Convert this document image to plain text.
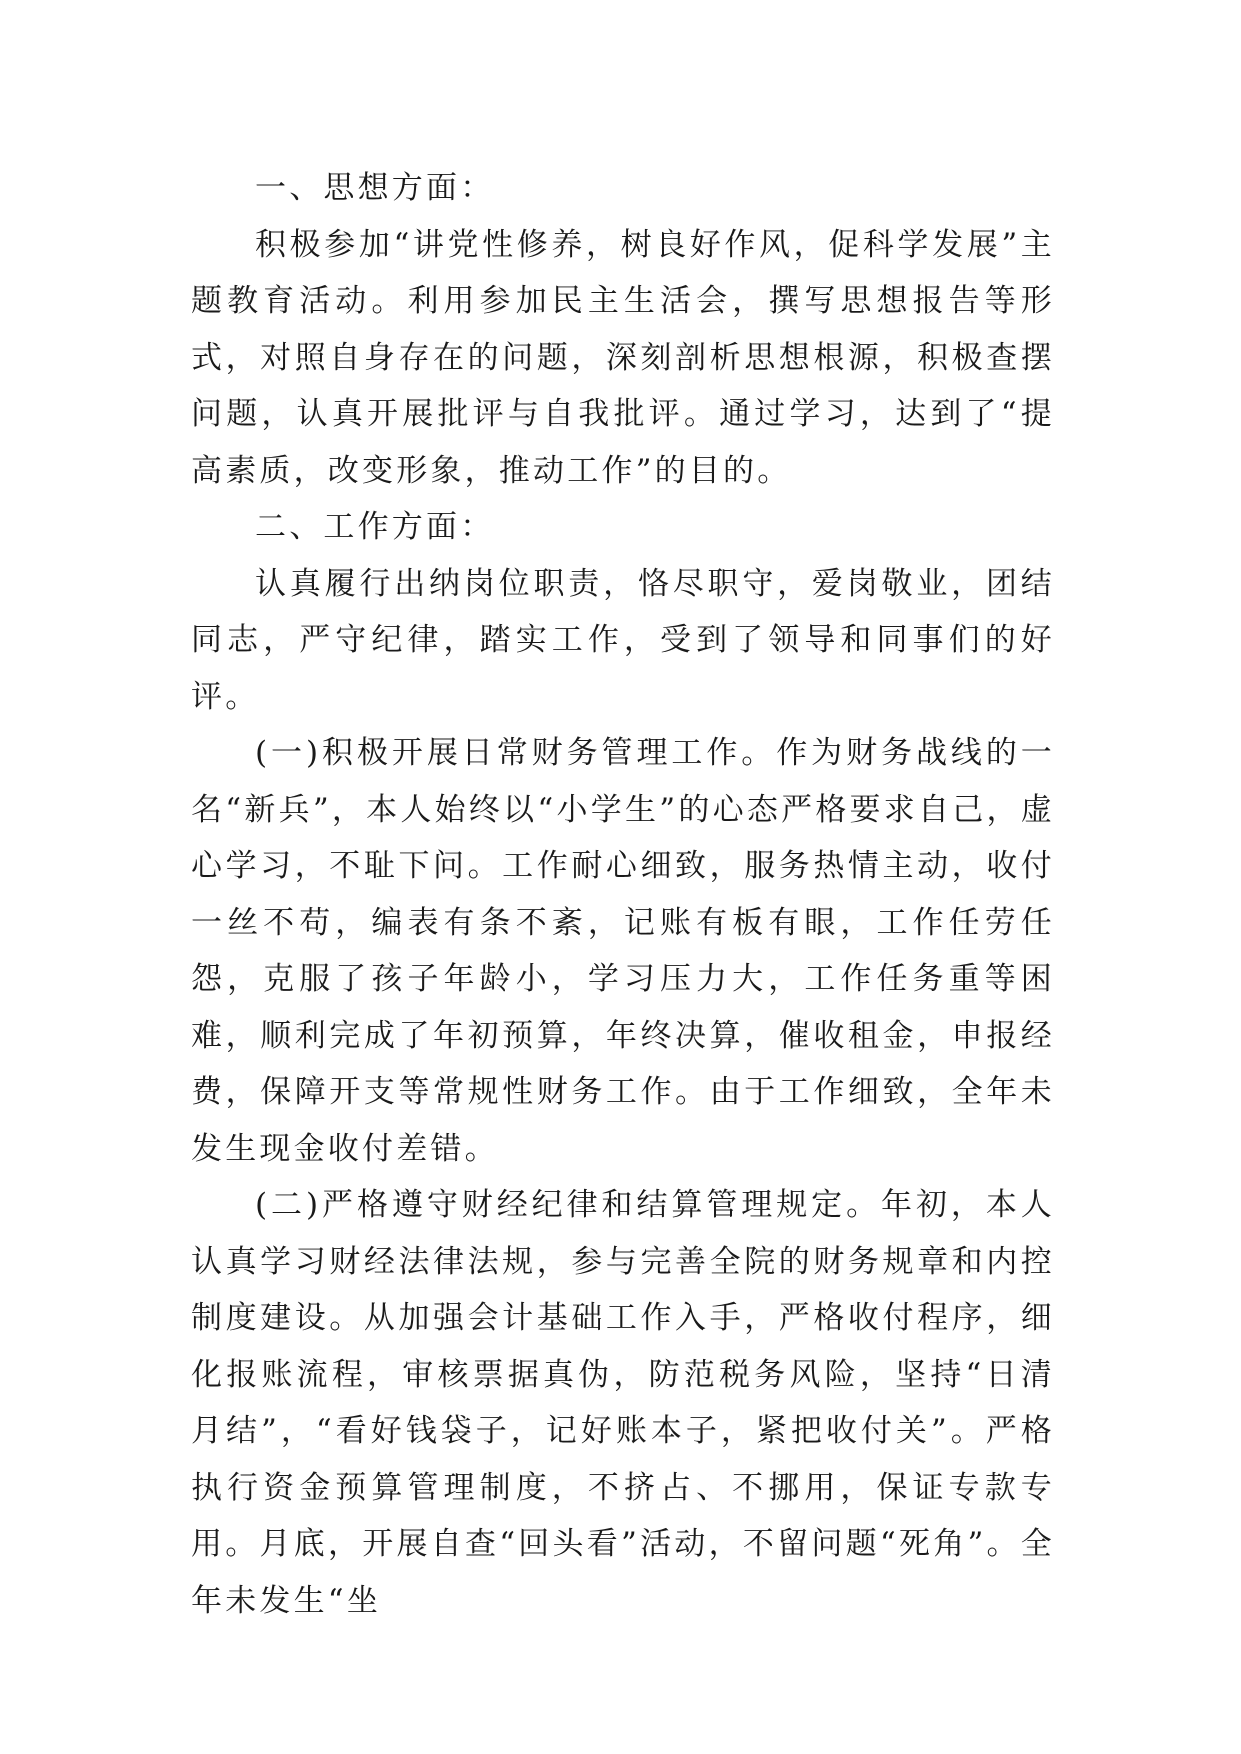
一、思想方面：

积极参加“讲党性修养，树良好作风，促科学发展”主题教育活动。利用参加民主生活会，撰写思想报告等形式，对照自身存在的问题，深刻剖析思想根源，积极查摆问题，认真开展批评与自我批评。通过学习，达到了“提高素质，改变形象，推动工作”的目的。

二、工作方面：

认真履行出纳岗位职责，恪尽职守，爱岗敬业，团结同志，严守纪律，踏实工作，受到了领导和同事们的好评。

(一)积极开展日常财务管理工作。作为财务战线的一名“新兵”，本人始终以“小学生”的心态严格要求自己，虚心学习，不耻下问。工作耐心细致，服务热情主动，收付一丝不苟，编表有条不紊，记账有板有眼，工作任劳任怨，克服了孩子年龄小，学习压力大，工作任务重等困难，顺利完成了年初预算，年终决算，催收租金，申报经费，保障开支等常规性财务工作。由于工作细致，全年未发生现金收付差错。

(二)严格遵守财经纪律和结算管理规定。年初，本人认真学习财经法律法规，参与完善全院的财务规章和内控制度建设。从加强会计基础工作入手，严格收付程序，细化报账流程，审核票据真伪，防范税务风险，坚持“日清月结”，“看好钱袋子，记好账本子，紧把收付关”。严格执行资金预算管理制度，不挤占、不挪用，保证专款专用。月底，开展自查“回头看”活动，不留问题“死角”。全年未发生“坐
